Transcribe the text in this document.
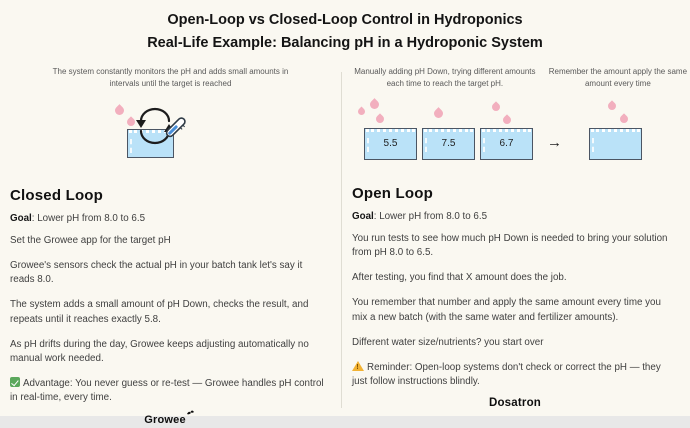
Open-Loop vs Closed-Loop Control in Hydroponics
Real-Life Example: Balancing pH in a Hydroponic System
The system constantly monitors the pH and adds small amounts in intervals until the target is reached
Closed Loop
Goal: Lower pH from 8.0 to 6.5

Set the Growee app for the target pH

Growee's sensors check the actual pH in your batch tank let's say it reads 8.0.

The system adds a small amount of pH Down, checks the result, and repeats until it reaches exactly 5.8.

As pH drifts during the day, Growee keeps adjusting automatically no manual work needed.

Advantage: You never guess or re-test — Growee handles pH control in real-time, every time.
Growee
Manually adding pH Down, trying different amounts each time to reach the target pH.
Remember the amount apply the same amount every time
5.5	7.5	6.7	→
Open Loop
Goal: Lower pH from 8.0 to 6.5

You run tests to see how much pH Down is needed to bring your solution from pH 8.0 to 6.5.

After testing, you find that X amount does the job.

You remember that number and apply the same amount every time you mix a new batch (with the same water and fertilizer amounts).

Different water size/nutrients? you start over

! Reminder: Open-loop systems don't check or correct the pH — they just follow instructions blindly.
Dosatron
